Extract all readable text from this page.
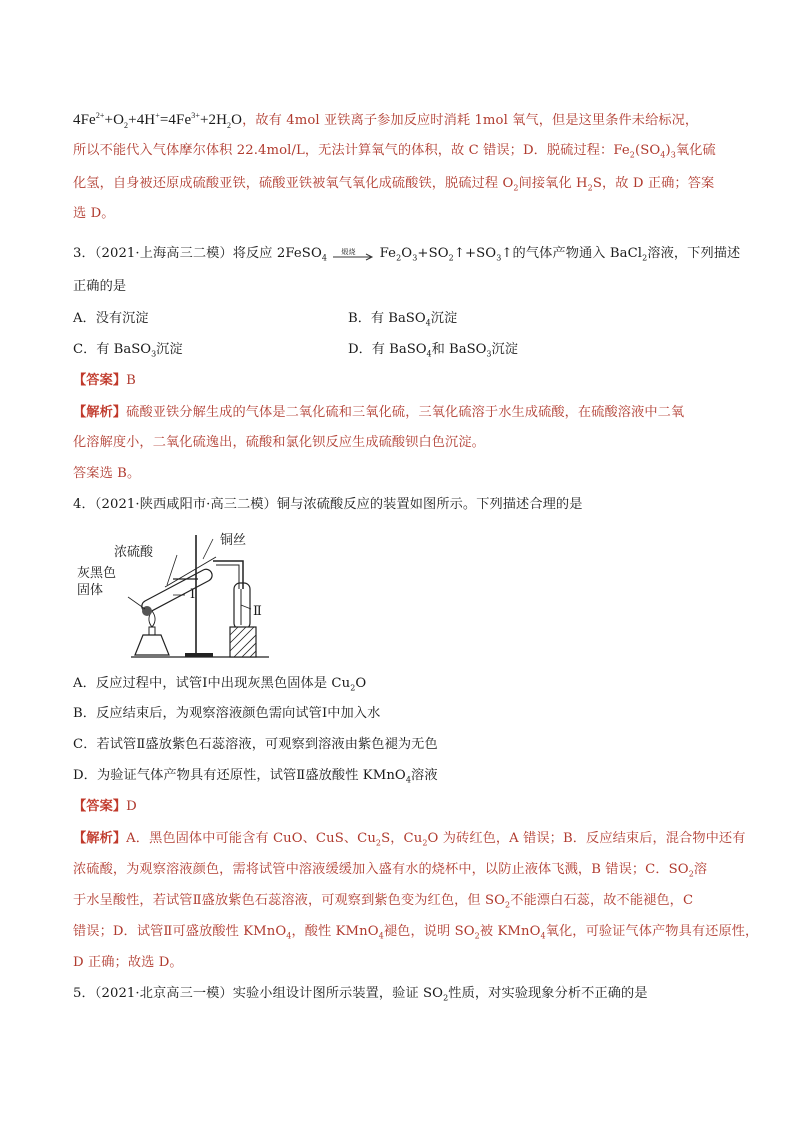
$4Fe^{2+}+O_2+4H^+=4Fe^{3+}+2H_2O$，故有 4mol 亚铁离子参加反应时消耗 1mol 氧气，但是这里条件未给标况，
所以不能代入气体摩尔体积 22.4mol/L，无法计算氧气的体积，故 C 错误；D．脱硫过程：$Fe_2(SO_4)_3$氧化硫
化氢，自身被还原成硫酸亚铁，硫酸亚铁被氧气氧化成硫酸铁，脱硫过程 $O_2$间接氧化 $H_2S$，故 D 正确；答案
选 D。
3．（2021·上海高三二模）将反应 2FeSO$_4$
煅烧 $Fe_2O_3+SO_2↑+SO_3↑$的气体产物通入 BaCl$_2$溶液，下列描述
正确的是
A．没有沉淀	B．有 BaSO$_4$沉淀
C．有 BaSO$_3$沉淀	D．有 BaSO$_4$和 BaSO$_3$沉淀
【答案】B
【解析】硫酸亚铁分解生成的气体是二氧化硫和三氧化硫，三氧化硫溶于水生成硫酸，在硫酸溶液中二氧
化溶解度小，二氧化硫逸出，硫酸和氯化钡反应生成硫酸钡白色沉淀。
答案选 B。
4．（2021·陕西咸阳市·高三二模）铜与浓硫酸反应的装置如图所示。下列描述合理的是
铜丝
浓硫酸
灰黑色
固体	Ⅰ
Ⅱ
A．反应过程中，试管Ⅰ中出现灰黑色固体是 $Cu_2O$
B．反应结束后，为观察溶液颜色需向试管Ⅰ中加入水
C．若试管Ⅱ盛放紫色石蕊溶液，可观察到溶液由紫色褪为无色
D．为验证气体产物具有还原性，试管Ⅱ盛放酸性 KMnO$_4$溶液
【答案】D
【解析】A．黑色固体中可能含有 CuO、CuS、$Cu_2S$，$Cu_2O$ 为砖红色，A 错误；B．反应结束后，混合物中还有
浓硫酸，为观察溶液颜色，需将试管中溶液缓缓加入盛有水的烧杯中，以防止液体飞溅，B 错误；C．$SO_2$溶
于水呈酸性，若试管Ⅱ盛放紫色石蕊溶液，可观察到紫色变为红色，但 $SO_2$不能漂白石蕊，故不能褪色，C
错误；D．试管Ⅱ可盛放酸性 KMnO$_4$，酸性 KMnO$_4$褪色，说明 $SO_2$被 KMnO$_4$氧化，可验证气体产物具有还原性，
D 正确；故选 D。
5．（2021·北京高三一模）实验小组设计图所示装置，验证 $SO_2$性质，对实验现象分析不正确的是
